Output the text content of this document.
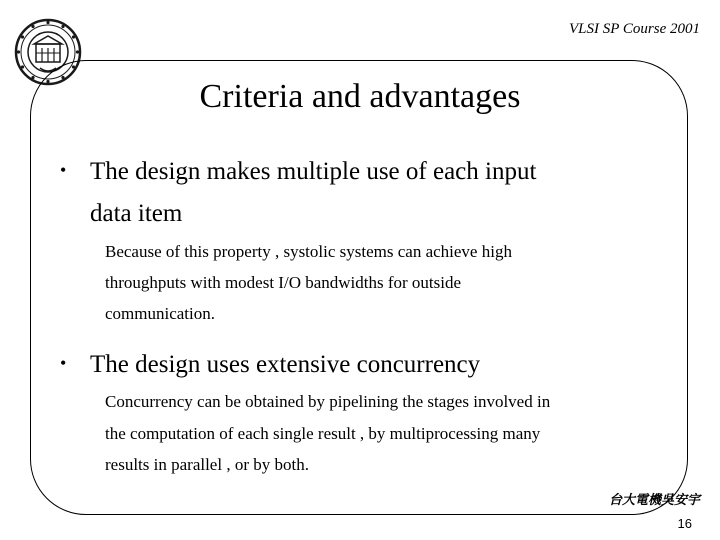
VLSI SP Course 2001
Criteria and advantages
• The design makes multiple use of each input
data item
Because of this property , systolic systems can achieve high
throughputs with modest I/O bandwidths for outside
communication.
• The design uses extensive concurrency
Concurrency can be obtained by pipelining the stages involved in
the computation of each single result , by multiprocessing many
results in parallel , or by both.
台大電機吳安宇
16
